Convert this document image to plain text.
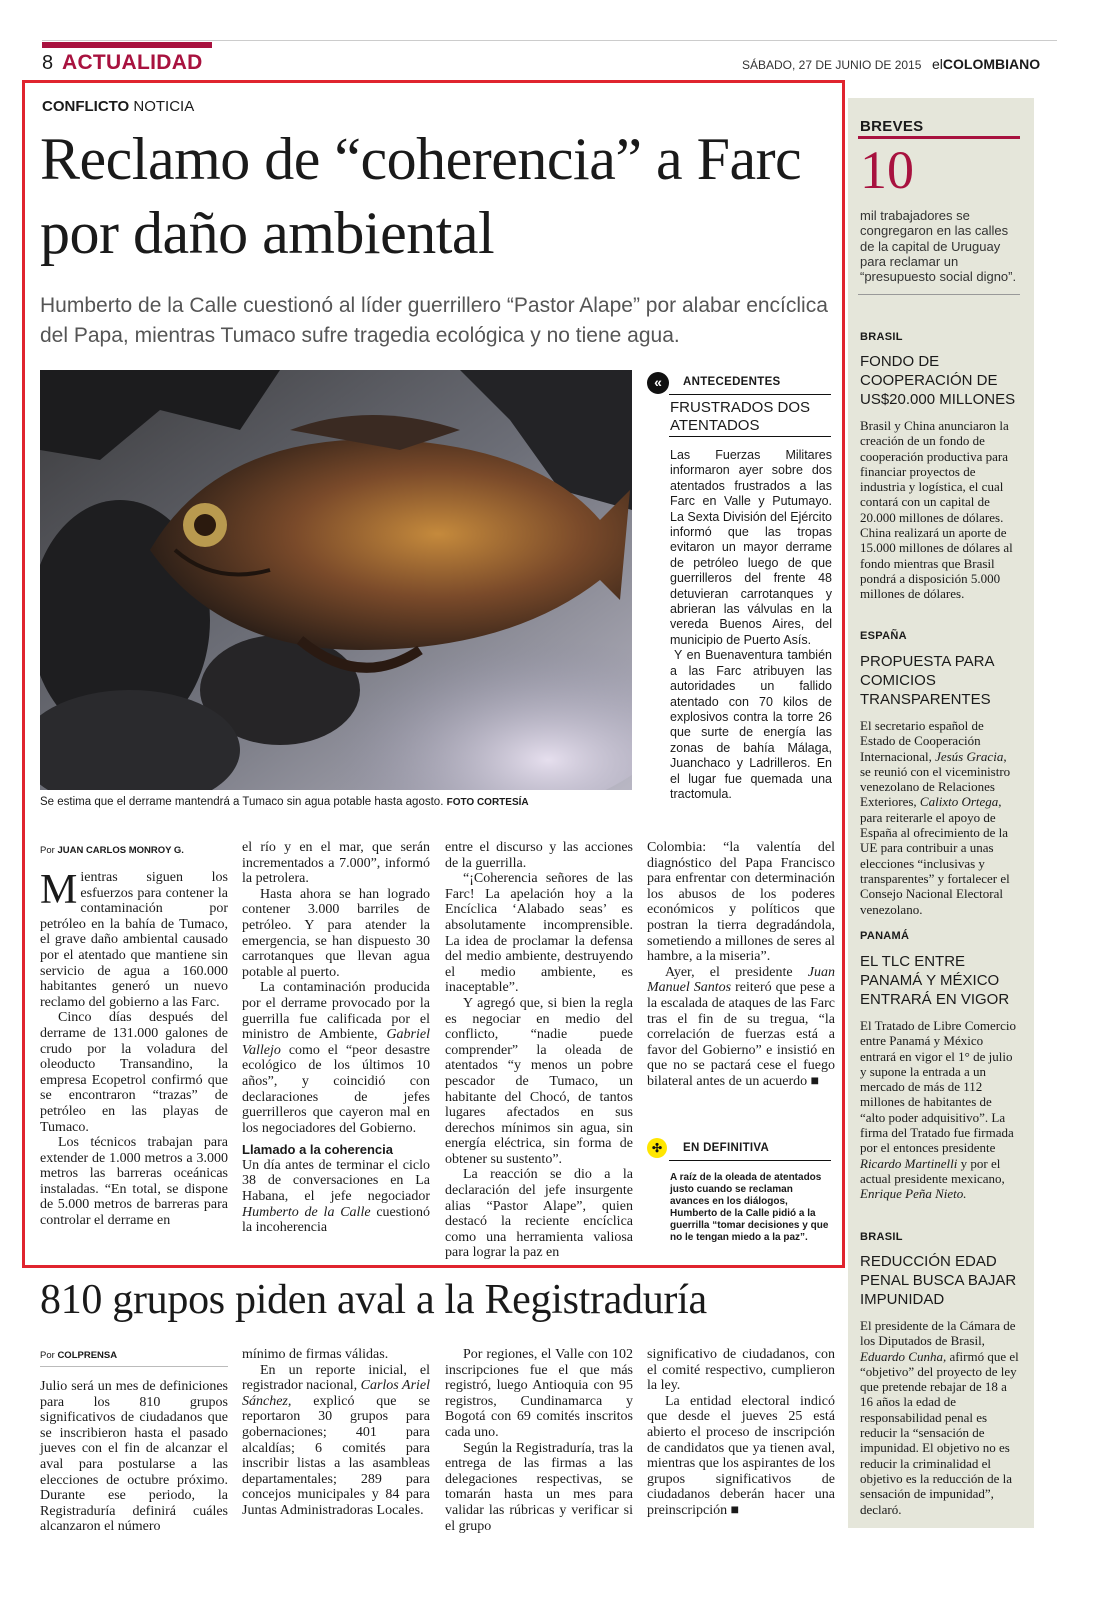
8 ACTUALIDAD	SÁBADO, 27 DE JUNIO DE 2015 elCOLOMBIANO
CONFLICTO NOTICIA
Reclamo de “coherencia” a Farc por daño ambiental
Humberto de la Calle cuestionó al líder guerrillero “Pastor Alape” por alabar encíclica del Papa, mientras Tumaco sufre tragedia ecológica y no tiene agua.
Se estima que el derrame mantendrá a Tumaco sin agua potable hasta agosto. FOTO CORTESÍA
«	ANTECEDENTES
FRUSTRADOS DOS ATENTADOS

Las Fuerzas Militares informaron ayer sobre dos atentados frustrados a las Farc en Valle y Putumayo. La Sexta División del Ejército informó que las tropas evitaron un mayor derrame de petróleo luego de que guerrilleros del frente 48 detuvieran carrotanques y abrieran las válvulas en la vereda Buenos Aires, del municipio de Puerto Asís.

Y en Buenaventura también a las Farc atribuyen las autoridades un fallido atentado con 70 kilos de explosivos contra la torre 26 que surte de energía las zonas de bahía Málaga, Juanchaco y Ladrilleros. En el lugar fue quemada una tractomula.

Por JUAN CARLOS MONROY G.

Mientras siguen los esfuerzos para contener la contaminación por petróleo en la bahía de Tumaco, el grave daño ambiental causado por el atentado que mantiene sin servicio de agua a 160.000 habitantes generó un nuevo reclamo del gobierno a las Farc.

Cinco días después del derrame de 131.000 galones de crudo por la voladura del oleoducto Transandino, la empresa Ecopetrol confirmó que se encontraron “trazas” de petróleo en las playas de Tumaco.

Los técnicos trabajan para extender de 1.000 metros a 3.000 metros las barreras oceánicas instaladas. “En total, se dispone de 5.000 metros de barreras para controlar el derrame en

el río y en el mar, que serán incrementados a 7.000”, informó la petrolera.

Hasta ahora se han logrado contener 3.000 barriles de petróleo. Y para atender la emergencia, se han dispuesto 30 carrotanques que llevan agua potable al puerto.

La contaminación producida por el derrame provocado por la guerrilla fue calificada por el ministro de Ambiente, Gabriel Vallejo como el “peor desastre ecológico de los últimos 10 años”, y coincidió con declaraciones de jefes guerrilleros que cayeron mal en los negociadores del Gobierno.

Llamado a la coherencia

Un día antes de terminar el ciclo 38 de conversaciones en La Habana, el jefe negociador Humberto de la Calle cuestionó la incoherencia

entre el discurso y las acciones de la guerrilla.

“¡Coherencia señores de las Farc! La apelación hoy a la Encíclica ‘Alabado seas’ es absolutamente incomprensible. La idea de proclamar la defensa del medio ambiente, destruyendo el medio ambiente, es inaceptable”.

Y agregó que, si bien la regla es negociar en medio del conflicto, “nadie puede comprender” la oleada de atentados “y menos un pobre pescador de Tumaco, un habitante del Chocó, de tantos lugares afectados en sus derechos mínimos sin agua, sin energía eléctrica, sin forma de obtener su sustento”.

La reacción se dio a la declaración del jefe insurgente alias “Pastor Alape”, quien destacó la reciente encíclica como una herramienta valiosa para lograr la paz en

Colombia: “la valentía del diagnóstico del Papa Francisco para enfrentar con determinación los abusos de los poderes económicos y políticos que postran la tierra degradándola, sometiendo a millones de seres al hambre, a la miseria”.

Ayer, el presidente Juan Manuel Santos reiteró que pese a la escalada de ataques de las Farc tras el fin de su tregua, “la correlación de fuerzas está a favor del Gobierno” e insistió en que no se pactará cese el fuego bilateral antes de un acuerdo ■

✣	EN DEFINITIVA
A raíz de la oleada de atentados justo cuando se reclaman avances en los diálogos, Humberto de la Calle pidió a la guerrilla “tomar decisiones y que no le tengan miedo a la paz”.
810 grupos piden aval a la Registraduría
Por COLPRENSA

Julio será un mes de definiciones para los 810 grupos significativos de ciudadanos que se inscribieron hasta el pasado jueves con el fin de alcanzar el aval para postularse a las elecciones de octubre próximo. Durante ese periodo, la Registraduría definirá cuáles alcanzaron el número

mínimo de firmas válidas.

En un reporte inicial, el registrador nacional, Carlos Ariel Sánchez, explicó que se reportaron 30 grupos para gobernaciones; 401 para alcaldías; 6 comités para inscribir listas a las asambleas departamentales; 289 para concejos municipales y 84 para Juntas Administradoras Locales.

Por regiones, el Valle con 102 inscripciones fue el que más registró, luego Antioquia con 95 registros, Cundinamarca y Bogotá con 69 comités inscritos cada uno.

Según la Registraduría, tras la entrega de las firmas a las delegaciones respectivas, se tomarán hasta un mes para validar las rúbricas y verificar si el grupo

significativo de ciudadanos, con el comité respectivo, cumplieron la ley.

La entidad electoral indicó que desde el jueves 25 está abierto el proceso de inscripción de candidatos que ya tienen aval, mientras que los aspirantes de los grupos significativos de ciudadanos deberán hacer una preinscripción ■

BREVES
10
mil trabajadores se congregaron en las calles de la capital de Uruguay para reclamar un “presupuesto social digno”.
BRASIL
FONDO DE COOPERACIÓN DE US$20.000 MILLONES
Brasil y China anunciaron la creación de un fondo de cooperación productiva para financiar proyectos de industria y logística, el cual contará con un capital de 20.000 millones de dólares. China realizará un aporte de 15.000 millones de dólares al fondo mientras que Brasil pondrá a disposición 5.000 millones de dólares.
ESPAÑA
PROPUESTA PARA COMICIOS TRANSPARENTES
El secretario español de Estado de Cooperación Internacional, Jesús Gracia, se reunió con el viceministro venezolano de Relaciones Exteriores, Calixto Ortega, para reiterarle el apoyo de España al ofrecimiento de la UE para contribuir a unas elecciones “inclusivas y transparentes” y fortalecer el Consejo Nacional Electoral venezolano.
PANAMÁ
EL TLC ENTRE PANAMÁ Y MÉXICO ENTRARÁ EN VIGOR
El Tratado de Libre Comercio entre Panamá y México entrará en vigor el 1° de julio y supone la entrada a un mercado de más de 112 millones de habitantes de “alto poder adquisitivo”. La firma del Tratado fue firmada por el entonces presidente Ricardo Martinelli y por el actual presidente mexicano, Enrique Peña Nieto.
BRASIL
REDUCCIÓN EDAD PENAL BUSCA BAJAR IMPUNIDAD
El presidente de la Cámara de los Diputados de Brasil, Eduardo Cunha, afirmó que el “objetivo” del proyecto de ley que pretende rebajar de 18 a 16 años la edad de responsabilidad penal es reducir la “sensación de impunidad. El objetivo no es reducir la criminalidad el objetivo es la reducción de la sensación de impunidad”, declaró.
